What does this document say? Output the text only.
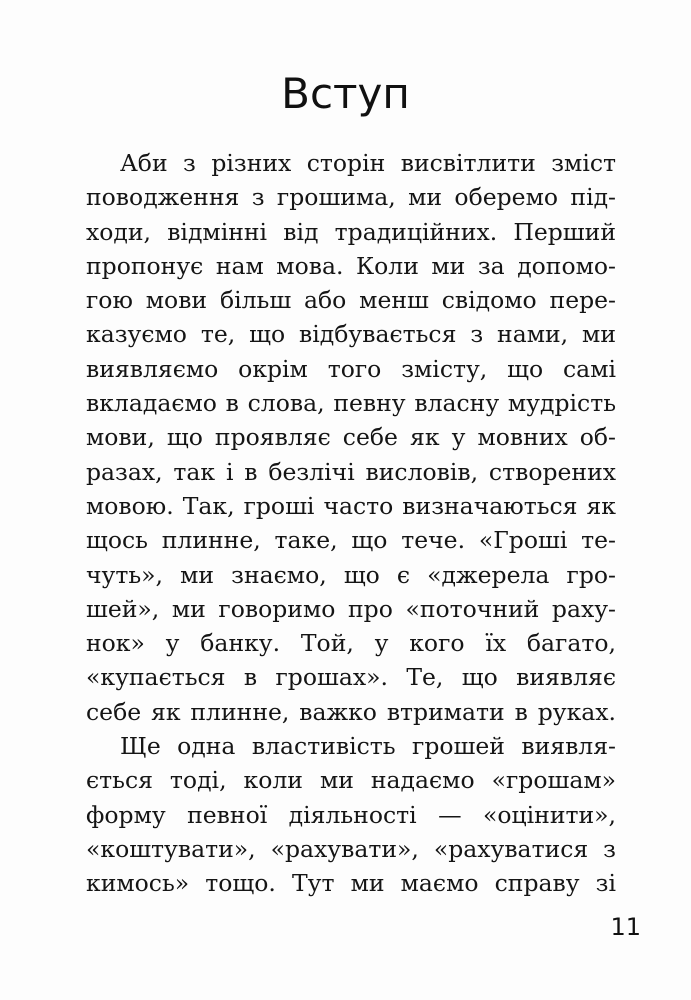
Вступ
Аби з різних сторін висвітлити зміст
поводження з грошима, ми оберемо під-
ходи, відмінні від традиційних. Перший
пропонує нам мова. Коли ми за допомо-
гою мови більш або менш свідомо пере-
казуємо те, що відбувається з нами, ми
виявляємо окрім того змісту, що самі
вкладаємо в слова, певну власну мудрість
мови, що проявляє себе як у мовних об-
разах, так і в безлічі висловів, створених
мовою. Так, гроші часто визначаються як
щось плинне, таке, що тече. «Гроші те-
чуть», ми знаємо, що є «джерела гро-
шей», ми говоримо про «поточний раху-
нок» у банку. Той, у кого їх багато,
«купається в грошах». Те, що виявляє
себе як плинне, важко втримати в руках.
Ще одна властивість грошей виявля-
ється тоді, коли ми надаємо «грошам»
форму певної діяльності — «оцінити»,
«коштувати», «рахувати», «рахуватися з
кимось» тощо. Тут ми маємо справу зі
11
